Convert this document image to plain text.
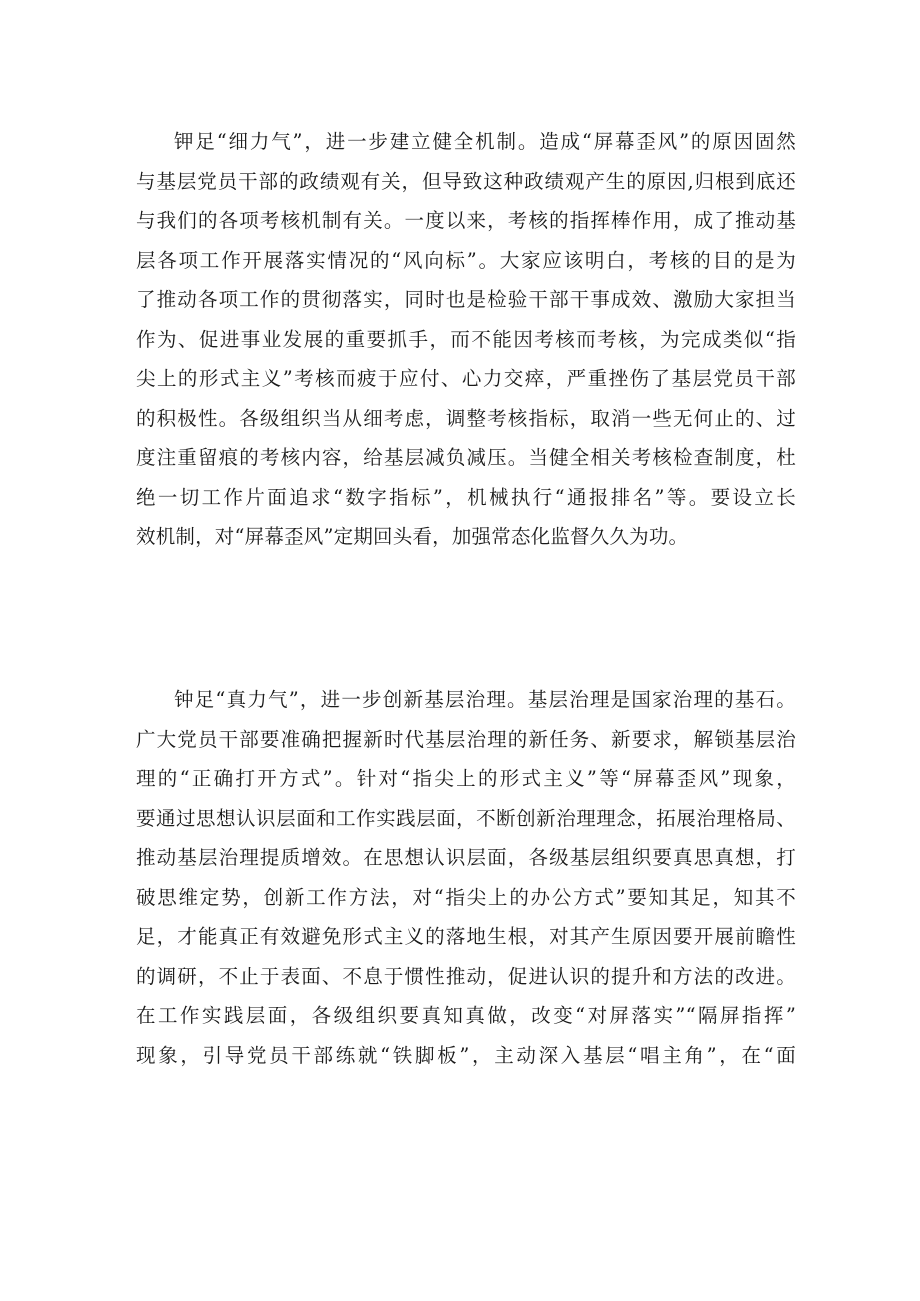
钾足“细力气”，进一步建立健全机制。造成“屏幕歪风”的原因固然
与基层党员干部的政绩观有关，但导致这种政绩观产生的原因,归根到底还
与我们的各项考核机制有关。一度以来，考核的指挥棒作用，成了推动基
层各项工作开展落实情况的“风向标”。大家应该明白，考核的目的是为
了推动各项工作的贯彻落实，同时也是检验干部干事成效、激励大家担当
作为、促进事业发展的重要抓手，而不能因考核而考核，为完成类似“指
尖上的形式主义”考核而疲于应付、心力交瘁，严重挫伤了基层党员干部
的积极性。各级组织当从细考虑，调整考核指标，取消一些无何止的、过
度注重留痕的考核内容，给基层减负减压。当健全相关考核检查制度，杜
绝一切工作片面追求“数字指标”，机械执行“通报排名”等。要设立长
效机制，对“屏幕歪风”定期回头看，加强常态化监督久久为功。
钟足“真力气”，进一步创新基层治理。基层治理是国家治理的基石。
广大党员干部要准确把握新时代基层治理的新任务、新要求，解锁基层治
理的“正确打开方式”。针对“指尖上的形式主义”等“屏幕歪风”现象，
要通过思想认识层面和工作实践层面，不断创新治理理念，拓展治理格局、
推动基层治理提质增效。在思想认识层面，各级基层组织要真思真想，打
破思维定势，创新工作方法，对“指尖上的办公方式”要知其足，知其不
足，才能真正有效避免形式主义的落地生根，对其产生原因要开展前瞻性
的调研，不止于表面、不息于惯性推动，促进认识的提升和方法的改进。
在工作实践层面，各级组织要真知真做，改变“对屏落实”“隔屏指挥”
现象，引导党员干部练就“铁脚板”，主动深入基层“唱主角”，在“面
